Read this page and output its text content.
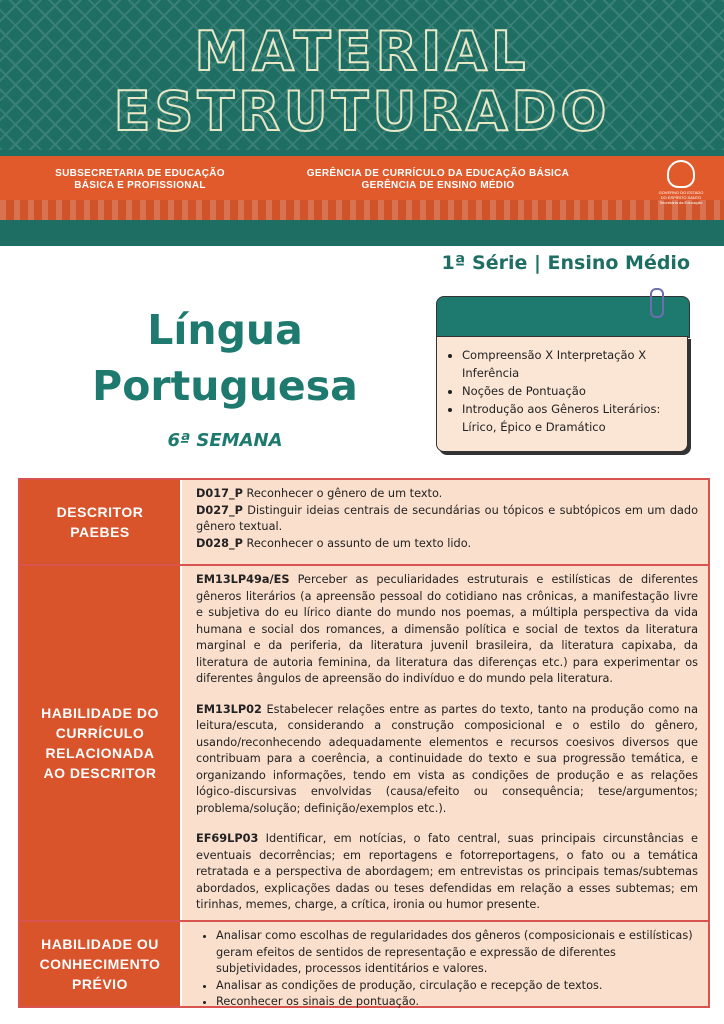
MATERIAL
ESTRUTURADO
SUBSECRETARIA DE EDUCAÇÃO
BÁSICA E PROFISSIONAL
GERÊNCIA DE CURRÍCULO DA EDUCAÇÃO BÁSICA
GERÊNCIA DE ENSINO MÉDIO
GOVERNO DO ESTADO
DO ESPÍRITO SANTO
Secretaria da Educação
1ª Série | Ensino Médio
Língua
Portuguesa
6ª SEMANA
• Compreensão X Interpretação X Inferência
• Noções de Pontuação
• Introdução aos Gêneros Literários: Lírico, Épico e Dramático
DESCRITOR PAEBES

D017_P Reconhecer o gênero de um texto.

D027_P Distinguir ideias centrais de secundárias ou tópicos e subtópicos em um dado gênero textual.

D028_P Reconhecer o assunto de um texto lido.

HABILIDADE DO CURRÍCULO RELACIONADA AO DESCRITOR

EM13LP49a/ES Perceber as peculiaridades estruturais e estilísticas de diferentes gêneros literários (a apreensão pessoal do cotidiano nas crônicas, a manifestação livre e subjetiva do eu lírico diante do mundo nos poemas, a múltipla perspectiva da vida humana e social dos romances, a dimensão política e social de textos da literatura marginal e da periferia, da literatura juvenil brasileira, da literatura capixaba, da literatura de autoria feminina, da literatura das diferenças etc.) para experimentar os diferentes ângulos de apreensão do indivíduo e do mundo pela literatura.

EM13LP02 Estabelecer relações entre as partes do texto, tanto na produção como na leitura/escuta, considerando a construção composicional e o estilo do gênero, usando/reconhecendo adequadamente elementos e recursos coesivos diversos que contribuam para a coerência, a continuidade do texto e sua progressão temática, e organizando informações, tendo em vista as condições de produção e as relações lógico-discursivas envolvidas (causa/efeito ou consequência; tese/argumentos; problema/solução; definição/exemplos etc.).

EF69LP03 Identificar, em notícias, o fato central, suas principais circunstâncias e eventuais decorrências; em reportagens e fotorreportagens, o fato ou a temática retratada e a perspectiva de abordagem; em entrevistas os principais temas/subtemas abordados, explicações dadas ou teses defendidas em relação a esses subtemas; em tirinhas, memes, charge, a crítica, ironia ou humor presente.

HABILIDADE OU CONHECIMENTO PRÉVIO
• Analisar como escolhas de regularidades dos gêneros (composicionais e estilísticas) geram efeitos de sentidos de representação e expressão de diferentes subjetividades, processos identitários e valores.
• Analisar as condições de produção, circulação e recepção de textos.
• Reconhecer os sinais de pontuação.
